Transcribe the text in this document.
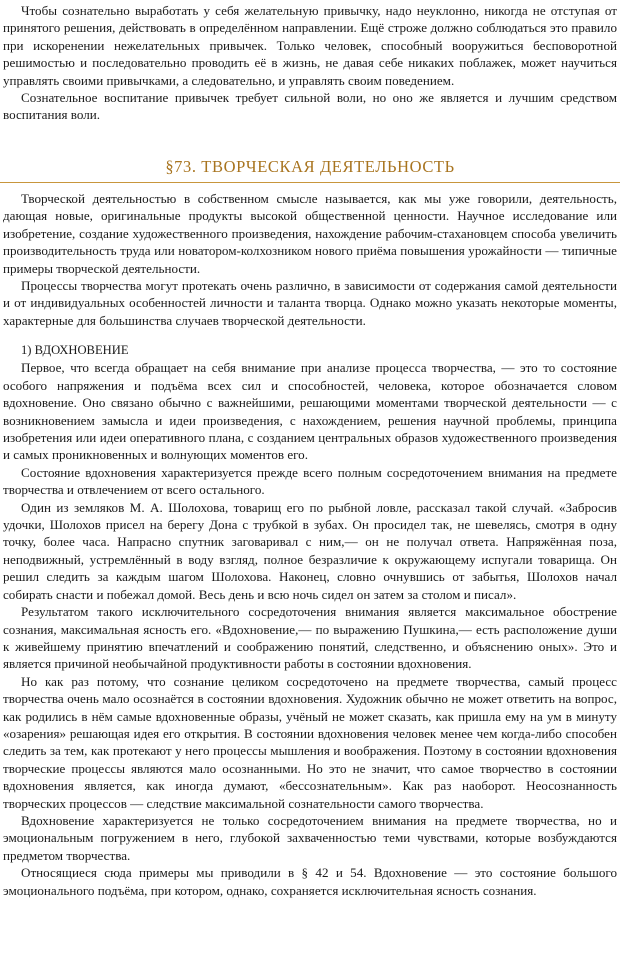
Чтобы сознательно выработать у себя желательную привычку, надо неуклонно, никогда не отступая от принятого решения, действовать в определённом направлении. Ещё строже должно соблюдаться это правило при искоренении нежелательных привычек. Только человек, способный вооружиться бесповоротной решимостью и последовательно проводить её в жизнь, не давая себе никаких поблажек, может научиться управлять своими привычками, а следовательно, и управлять своим поведением.

Сознательное воспитание привычек требует сильной воли, но оно же является и лучшим средством воспитания воли.

§73. ТВОРЧЕСКАЯ ДЕЯТЕЛЬНОСТЬ

Творческой деятельностью в собственном смысле называется, как мы уже говорили, деятельность, дающая новые, оригинальные продукты высокой общественной ценности. Научное исследование или изобретение, создание художественного произведения, нахождение рабочим-стахановцем способа увеличить производительность труда или новатором-колхозником нового приёма повышения урожайности — типичные примеры творческой деятельности.

Процессы творчества могут протекать очень различно, в зависимости от содержания самой деятельности и от индивидуальных особенностей личности и таланта творца. Однако можно указать некоторые моменты, характерные для большинства случаев творческой деятельности.

1) ВДОХНОВЕНИЕ

Первое, что всегда обращает на себя внимание при анализе процесса творчества, — это то состояние особого напряжения и подъёма всех сил и способностей, человека, которое обозначается словом вдохновение. Оно связано обычно с важнейшими, решающими моментами творческой деятельности — с возникновением замысла и идеи произведения, с нахождением, решения научной проблемы, принципа изобретения или идеи оперативного плана, с созданием центральных образов художественного произведения и самых проникновенных и волнующих моментов его.

Состояние вдохновения характеризуется прежде всего полным сосредоточением внимания на предмете творчества и отвлечением от всего остального.

Один из земляков М. А. Шолохова, товарищ его по рыбной ловле, рассказал такой случай. «Забросив удочки, Шолохов присел на берегу Дона с трубкой в зубах. Он просидел так, не шевелясь, смотря в одну точку, более часа. Напрасно спутник заговаривал с ним,— он не получал ответа. Напряжённая поза, неподвижный, устремлённый в воду взгляд, полное безразличие к окружающему испугали товарища. Он решил следить за каждым шагом Шолохова. Наконец, словно очнувшись от забытья, Шолохов начал собирать снасти и побежал домой. Весь день и всю ночь сидел он затем за столом и писал».

Результатом такого исключительного сосредоточения внимания является максимальное обострение сознания, максимальная ясность его. «Вдохновение,— по выражению Пушкина,— есть расположение души к живейшему принятию впечатлений и соображению понятий, следственно, и объяснению оных». Это и является причиной необычайной продуктивности работы в состоянии вдохновения.

Но как раз потому, что сознание целиком сосредоточено на предмете творчества, самый процесс творчества очень мало осознаётся в состоянии вдохновения. Художник обычно не может ответить на вопрос, как родились в нём самые вдохновенные образы, учёный не может сказать, как пришла ему на ум в минуту «озарения» решающая идея его открытия. В состоянии вдохновения человек менее чем когда-либо способен следить за тем, как протекают у него процессы мышления и воображения. Поэтому в состоянии вдохновения творческие процессы являются мало осознанными. Но это не значит, что самое творчество в состоянии вдохновения является, как иногда думают, «бессознательным». Как раз наоборот. Неосознанность творческих процессов — следствие максимальной сознательности самого творчества.

Вдохновение характеризуется не только сосредоточением внимания на предмете творчества, но и эмоциональным погружением в него, глубокой захваченностью теми чувствами, которые возбуждаются предметом творчества.

Относящиеся сюда примеры мы приводили в § 42 и 54. Вдохновение — это состояние большого эмоционального подъёма, при котором, однако, сохраняется исключительная ясность сознания.
